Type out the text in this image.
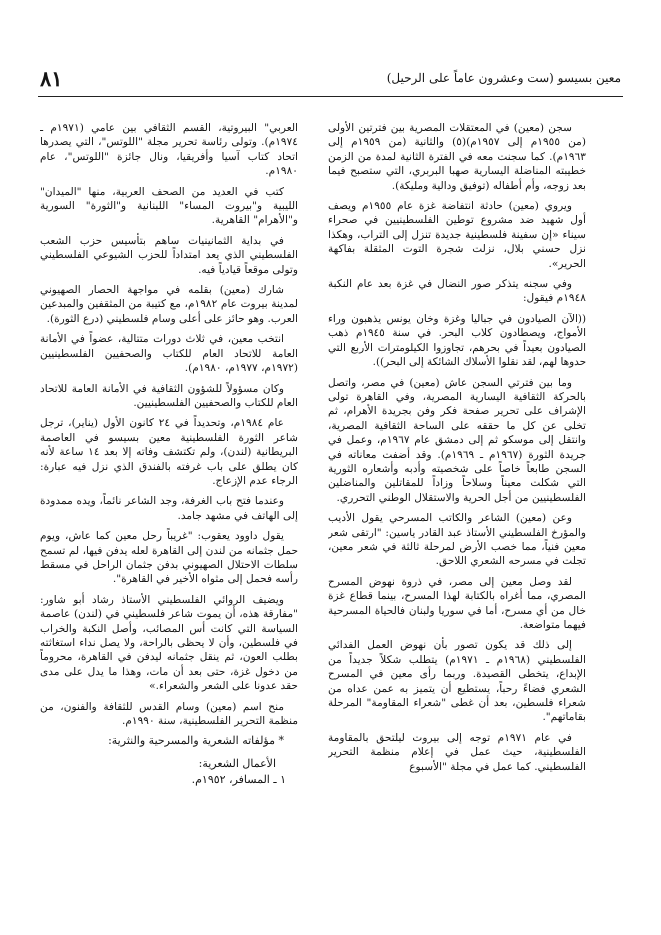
معين بسيسو (ست وعشرون عاماً على الرحيل)
٨١

سجن (معين) في المعتقلات المصرية بين فترتين الأولى (من ١٩٥٥م إلى ١٩٥٧م)(٥) والثانية (من ١٩٥٩م إلى ١٩٦٣م). كما سجنت معه في الفترة الثانية لمدة من الزمن خطيبته المناضلة اليسارية صهبا البربري، التي ستصبح فيما بعد زوجه، وأم أطفاله (توفيق ودالية ومليكة).

ويروي (معين) حادثة انتفاضة غزة عام ١٩٥٥م ويصف أول شهيد ضد مشروع توطين الفلسطينيين في صحراء سيناء «إن سفينة فلسطينية جديدة تنزل إلى التراب، وهكذا نزل حسني بلال، نزلت شجرة التوت المثقلة بفاكهة الحرير».

وفي سجنه يتذكر صور النضال في غزة بعد عام النكبة ١٩٤٨م فيقول:

((الآن الصيادون في جباليا وغزة وخان يونس يذهبون وراء الأمواج، ويصطادون كلاب البحر. في سنة ١٩٤٥م ذهب الصيادون بعيداً في بحرهم، تجاوزوا الكيلومترات الأربع التي حدوها لهم، لقد نقلوا الأسلاك الشائكة إلى البحر)).

وما بين فترتي السجن عاش (معين) في مصر، واتصل بالحركة الثقافية اليسارية المصرية، وفي القاهرة تولى الإشراف على تحرير صفحة فكر وفن بجريدة الأهرام، ثم تخلى عن كل ما حققه على الساحة الثقافية المصرية، وانتقل إلى موسكو ثم إلى دمشق عام ١٩٦٧م، وعمل في جريدة الثورة (١٩٦٧م ـ ١٩٦٩م). وقد أضفت معاناته في السجن طابعاً خاصاً على شخصيته وأدبه وأشعاره الثورية التي شكلت معيناً وسلاحاً وزاداً للمقاتلين والمناضلين الفلسطينيين من أجل الحرية والاستقلال الوطني التحرري.

وعن (معين) الشاعر والكاتب المسرحي يقول الأديب والمؤرخ الفلسطيني الأستاذ عبد القادر ياسين: "ارتقى شعر معين فنياً، مما خصب الأرض لمرحلة ثالثة في شعر معين، تجلت في مسرحه الشعري اللاحق.

لقد وصل معين إلى مصر، في ذروة نهوض المسرح المصري، مما أغراه بالكتابة لهذا المسرح، بينما قطاع غزة خال من أي مسرح، أما في سوريا ولبنان فالحياة المسرحية فيهما متواضعة.

إلى ذلك قد يكون تصور بأن نهوض العمل الفدائي الفلسطيني (١٩٦٨م ـ ١٩٧١م) يتطلب شكلاً جديداً من الإبداع، يتخطى القصيدة. وربما رأى معين في المسرح الشعري فضاءً رحباً، يستطيع أن يتميز به عمن عداه من شعراء فلسطين، بعد أن غطى "شعراء المقاومة" المرحلة بقاماتهم".

في عام ١٩٧١م توجه إلى بيروت ليلتحق بالمقاومة الفلسطينية، حيث عمل في إعلام منظمة التحرير الفلسطيني. كما عمل في مجلة "الأسبوع

العربي" البيروتية، القسم الثقافي بين عامي (١٩٧١م ـ ١٩٧٤م). وتولى رئاسة تحرير مجلة "اللوتس"، التي يصدرها اتحاد كتاب آسيا وأفريقيا، ونال جائزة "اللوتس"، عام ١٩٨٠م.

كتب في العديد من الصحف العربية، منها "الميدان" الليبية و"بيروت المساء" اللبنانية و"الثورة" السورية و"الأهرام" القاهرية.

في بداية الثمانينيات ساهم بتأسيس حزب الشعب الفلسطيني الذي يعد امتداداً للحزب الشيوعي الفلسطيني وتولى موقعاً قيادياً فيه.

شارك (معين) بقلمه في مواجهة الحصار الصهيوني لمدينة بيروت عام ١٩٨٢م، مع كتيبة من المثقفين والمبدعين العرب. وهو حائز على أعلى وسام فلسطيني (درع الثورة).

انتخب معين، في ثلاث دورات متتالية، عضواً في الأمانة العامة للاتحاد العام للكتاب والصحفيين الفلسطينيين (١٩٧٢م، ١٩٧٧م، ١٩٨٠م).

وكان مسؤولاً للشؤون الثقافية في الأمانة العامة للاتحاد العام للكتاب والصحفيين الفلسطينيين.

عام ١٩٨٤م، وتحديداً في ٢٤ كانون الأول (يناير)، ترجل شاعر الثورة الفلسطينية معين بسيسو في العاصمة البريطانية (لندن)، ولم تكتشف وفاته إلا بعد ١٤ ساعة لأنه كان يطلق على باب غرفته بالفندق الذي نزل فيه عبارة: الرجاء عدم الإزعاج.

وعندما فتح باب الغرفة، وجد الشاعر نائماً، ويده ممدودة إلى الهاتف في مشهد جامد.

يقول داوود يعقوب: "غريباً رحل معين كما عاش، ويوم حمل جثمانه من لندن إلى القاهرة لعله يدفن فيها، لم تسمح سلطات الاحتلال الصهيوني بدفن جثمان الراحل في مسقط رأسه فحمل إلى مثواه الأخير في القاهرة".

ويضيف الروائي الفلسطيني الأستاذ رشاد أبو شاور: "مفارقة هذه، أن يموت شاعر فلسطيني في (لندن) عاصمة السياسة التي كانت أس المصائب، وأصل النكبة والخراب في فلسطين، وأن لا يحظى بالراحة، ولا يصل نداء استغاثته بطلب العون، ثم ينقل جثمانه ليدفن في القاهرة، محروماً من دخول غزة، حتى بعد أن مات، وهذا ما يدل على مدى حقد عدونا على الشعر والشعراء.»

منح اسم (معين) وسام القدس للثقافة والفنون، من منظمة التحرير الفلسطينية، سنة ١٩٩٠م.

* مؤلفاته الشعرية والمسرحية والنثرية:

الأعمال الشعرية:

١ ـ المسافر، ١٩٥٢م.
